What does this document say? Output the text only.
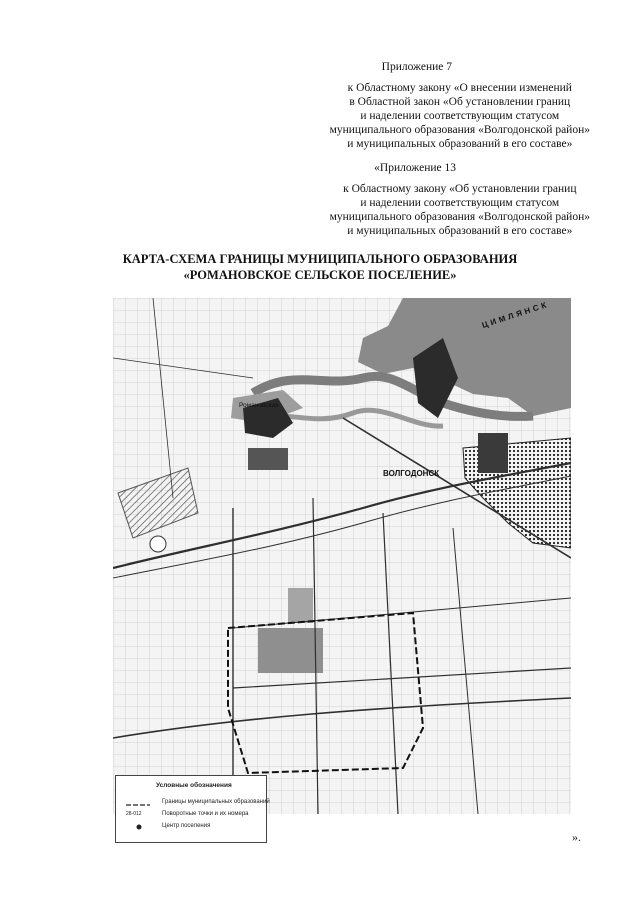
Приложение 7
к Областному закону «О внесении изменений
в Областной закон «Об установлении границ
и наделении соответствующим статусом
муниципального образования «Волгодонской район»
и муниципальных образований в его составе»
«Приложение 13
к Областному закону «Об установлении границ
и наделении соответствующим статусом
муниципального образования «Волгодонской район»
и муниципальных образований в его составе»
КАРТА-СХЕМА ГРАНИЦЫ МУНИЦИПАЛЬНОГО ОБРАЗОВАНИЯ
«РОМАНОВСКОЕ СЕЛЬСКОЕ ПОСЕЛЕНИЕ»
ВОЛГОДОНСК
Романовская
ЦИМЛЯНСК
Условные обозначения
Границы муниципальных образований
28-012	Поворотные точки и их номера
Центр поселения
».
